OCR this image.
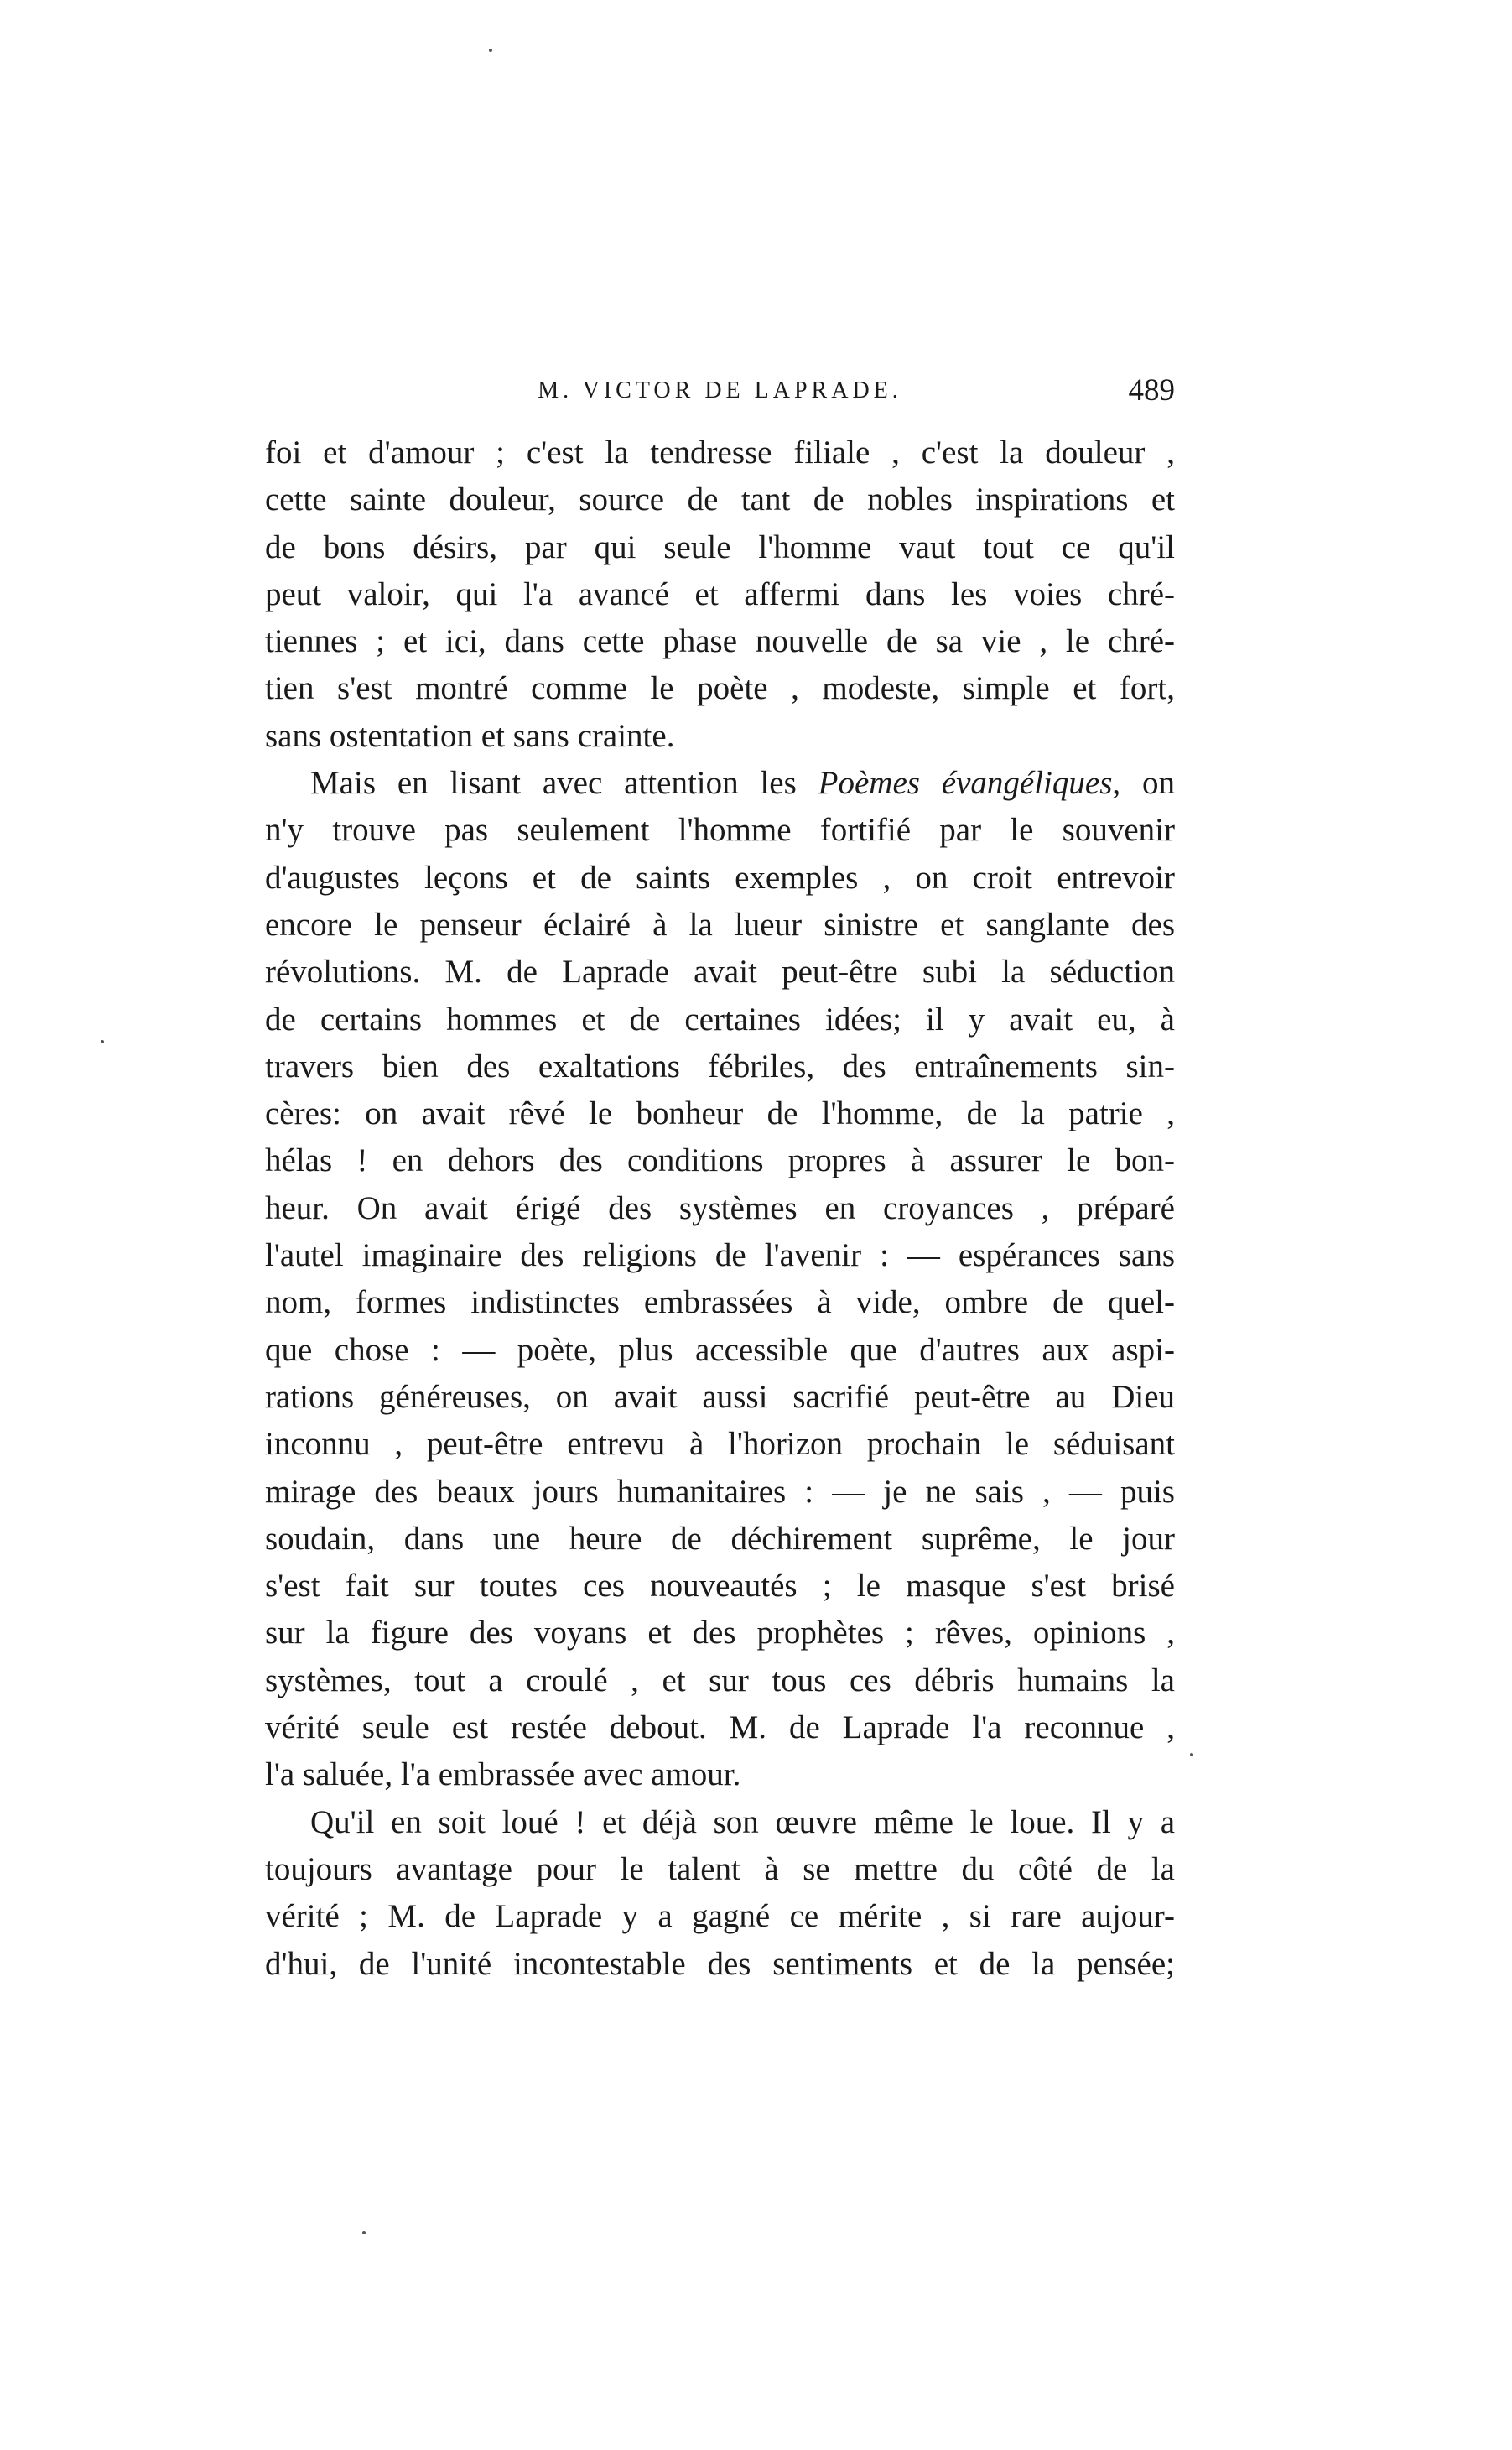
M. VICTOR DE LAPRADE.	489
foi et d'amour ; c'est la tendresse filiale , c'est la douleur ,
cette sainte douleur, source de tant de nobles inspirations et
de bons désirs, par qui seule l'homme vaut tout ce qu'il
peut valoir, qui l'a avancé et affermi dans les voies chré-
tiennes ; et ici, dans cette phase nouvelle de sa vie , le chré-
tien s'est montré comme le poète , modeste, simple et fort,
sans ostentation et sans crainte.
Mais en lisant avec attention les Poèmes évangéliques, on
n'y trouve pas seulement l'homme fortifié par le souvenir
d'augustes leçons et de saints exemples , on croit entrevoir
encore le penseur éclairé à la lueur sinistre et sanglante des
révolutions. M. de Laprade avait peut-être subi la séduction
de certains hommes et de certaines idées; il y avait eu, à
travers bien des exaltations fébriles, des entraînements sin-
cères: on avait rêvé le bonheur de l'homme, de la patrie ,
hélas ! en dehors des conditions propres à assurer le bon-
heur. On avait érigé des systèmes en croyances , préparé
l'autel imaginaire des religions de l'avenir : — espérances sans
nom, formes indistinctes embrassées à vide, ombre de quel-
que chose : — poète, plus accessible que d'autres aux aspi-
rations généreuses, on avait aussi sacrifié peut-être au Dieu
inconnu , peut-être entrevu à l'horizon prochain le séduisant
mirage des beaux jours humanitaires : — je ne sais , — puis
soudain, dans une heure de déchirement suprême, le jour
s'est fait sur toutes ces nouveautés ; le masque s'est brisé
sur la figure des voyans et des prophètes ; rêves, opinions ,
systèmes, tout a croulé , et sur tous ces débris humains la
vérité seule est restée debout. M. de Laprade l'a reconnue ,
l'a saluée, l'a embrassée avec amour.
Qu'il en soit loué ! et déjà son œuvre même le loue. Il y a
toujours avantage pour le talent à se mettre du côté de la
vérité ; M. de Laprade y a gagné ce mérite , si rare aujour-
d'hui, de l'unité incontestable des sentiments et de la pensée;
